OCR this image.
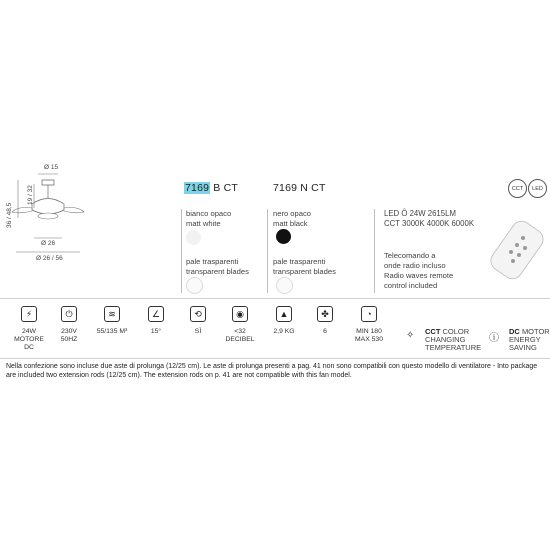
Ø 15
36 / 48,5
19 / 32
Ø 26
Ø 26 / 56
7169 B CT
bianco opaco
matt white
pale trasparenti
transparent blades
7169 N CT
nero opaco
matt black
pale trasparenti
transparent blades
CCT LED
LED Ȏ 24W 2615LM
CCT 3000K 4000K 6000K
Telecomando a
onde radio incluso
Radio waves remote
control included
⚡
24W
MOTORE
DC
⏻
230V
50HZ
≋
55/135 M³
∠
15°
⟲
SÌ
◉
<32
DECIBEL
▲
2,9 KG
✤
6
◔
MIN 180
MAX 530	✧ CCT COLOR
CHANGING
TEMPERATURE
ⓘ
DC MOTOR
ENERGY
SAVING
Nella confezione sono incluse due aste di prolunga (12/25 cm). Le aste di prolunga presenti a pag. 41 non sono compatibili con questo modello di ventilatore - Into package are included two extension rods (12/25 cm). The extension rods on p. 41 are not compatible with this fan model.
